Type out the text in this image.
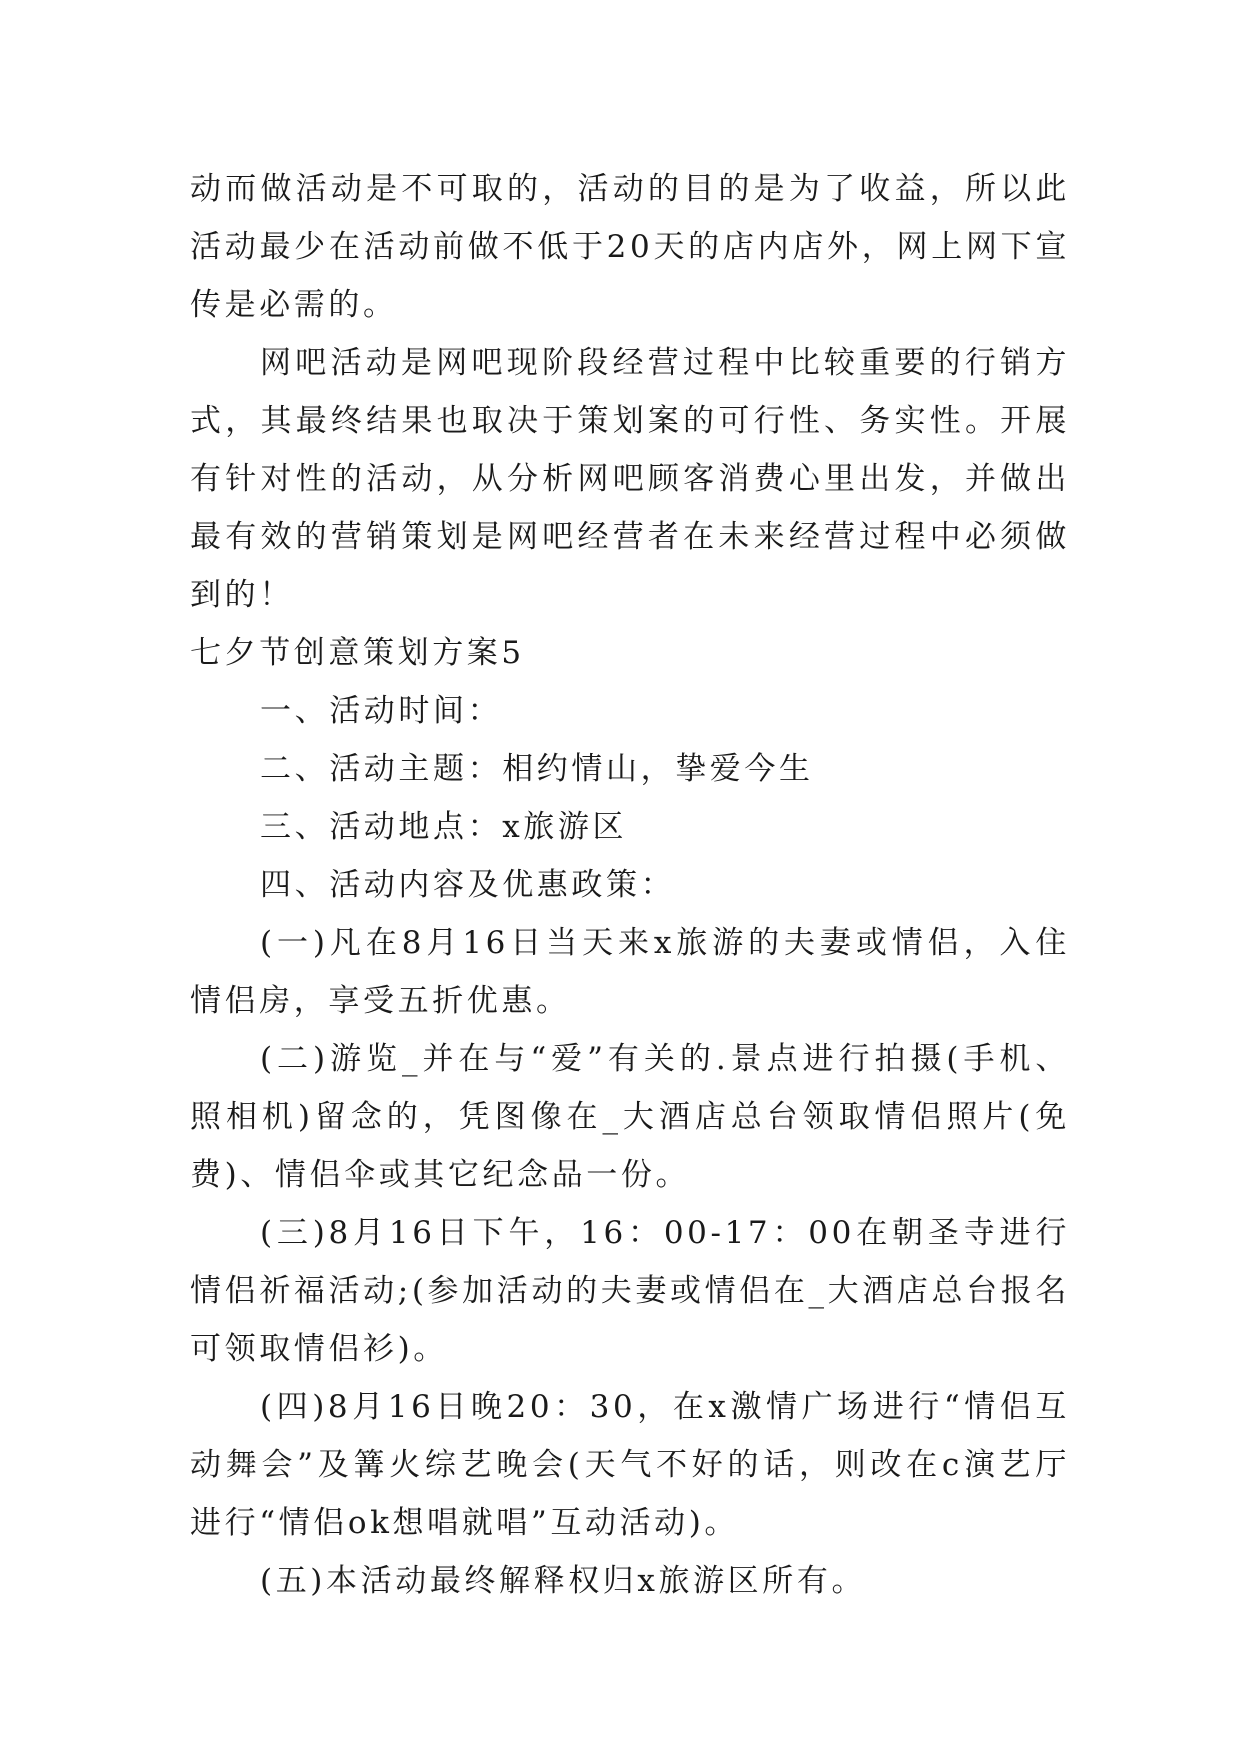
动而做活动是不可取的，活动的目的是为了收益，所以此活动最少在活动前做不低于20天的店内店外，网上网下宣传是必需的。

网吧活动是网吧现阶段经营过程中比较重要的行销方式，其最终结果也取决于策划案的可行性、务实性。开展有针对性的活动，从分析网吧顾客消费心里出发，并做出最有效的营销策划是网吧经营者在未来经营过程中必须做到的！

七夕节创意策划方案5

一、活动时间：

二、活动主题：相约情山，挚爱今生

三、活动地点：x旅游区

四、活动内容及优惠政策：

(一)凡在8月16日当天来x旅游的夫妻或情侣，入住情侣房，享受五折优惠。

(二)游览_并在与“爱”有关的.景点进行拍摄(手机、照相机)留念的，凭图像在_大酒店总台领取情侣照片(免费)、情侣伞或其它纪念品一份。

(三)8月16日下午，16：00-17：00在朝圣寺进行情侣祈福活动;(参加活动的夫妻或情侣在_大酒店总台报名可领取情侣衫)。

(四)8月16日晚20：30，在x激情广场进行“情侣互动舞会”及篝火综艺晚会(天气不好的话，则改在c演艺厅进行“情侣ok想唱就唱”互动活动)。

(五)本活动最终解释权归x旅游区所有。
